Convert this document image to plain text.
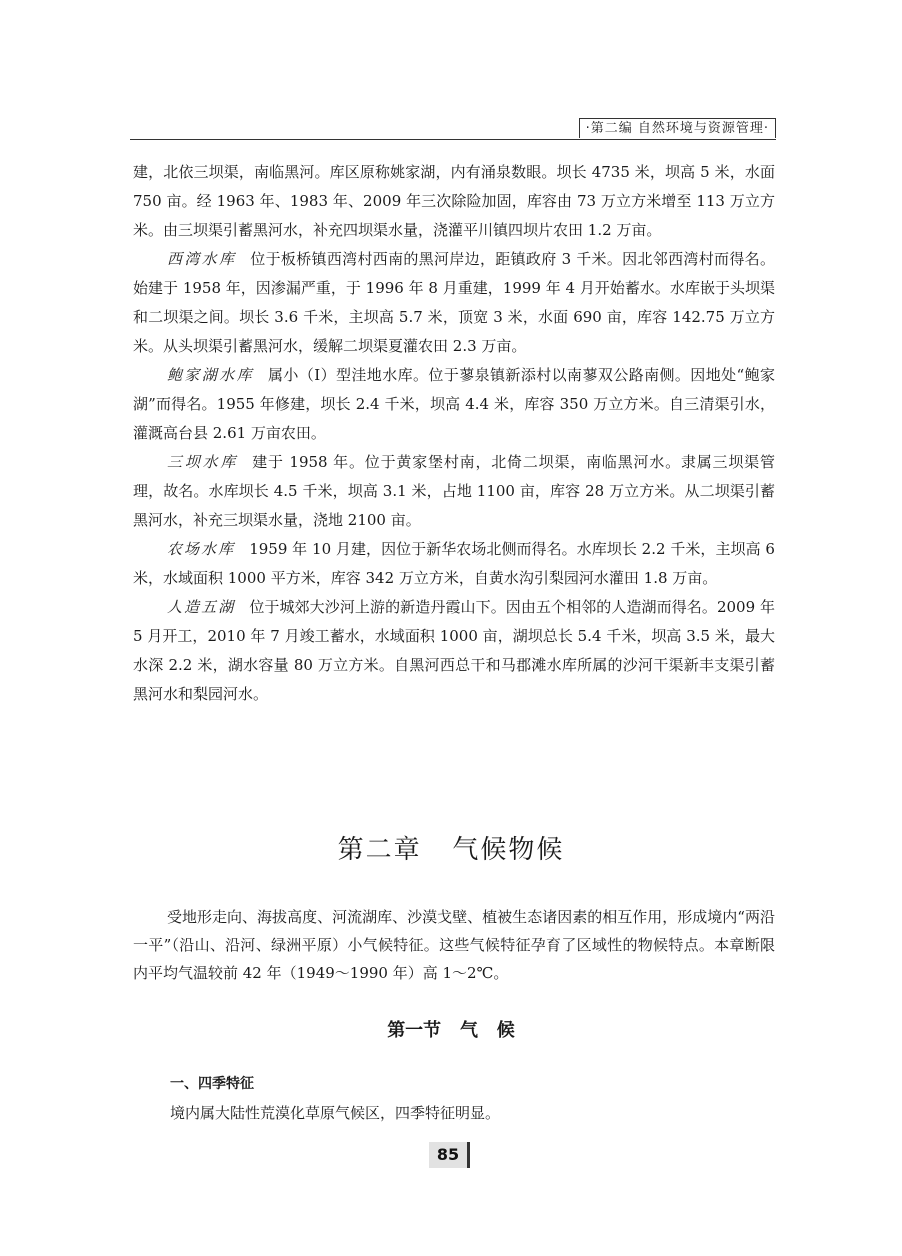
·第二编 自然环境与资源管理·

建，北依三坝渠，南临黑河。库区原称姚家湖，内有涌泉数眼。坝长 4735 米，坝高 5 米，水面 750 亩。经 1963 年、1983 年、2009 年三次除险加固，库容由 73 万立方米增至 113 万立方米。由三坝渠引蓄黑河水，补充四坝渠水量，浇灌平川镇四坝片农田 1.2 万亩。

西湾水库 位于板桥镇西湾村西南的黑河岸边，距镇政府 3 千米。因北邻西湾村而得名。始建于 1958 年，因渗漏严重，于 1996 年 8 月重建，1999 年 4 月开始蓄水。水库嵌于头坝渠和二坝渠之间。坝长 3.6 千米，主坝高 5.7 米，顶宽 3 米，水面 690 亩，库容 142.75 万立方米。从头坝渠引蓄黑河水，缓解二坝渠夏灌农田 2.3 万亩。

鲍家湖水库 属小（Ⅰ）型洼地水库。位于蓼泉镇新添村以南蓼双公路南侧。因地处“鲍家湖”而得名。1955 年修建，坝长 2.4 千米，坝高 4.4 米，库容 350 万立方米。自三清渠引水，灌溉高台县 2.61 万亩农田。

三坝水库 建于 1958 年。位于黄家堡村南，北倚二坝渠，南临黑河水。隶属三坝渠管理，故名。水库坝长 4.5 千米，坝高 3.1 米，占地 1100 亩，库容 28 万立方米。从二坝渠引蓄黑河水，补充三坝渠水量，浇地 2100 亩。

农场水库 1959 年 10 月建，因位于新华农场北侧而得名。水库坝长 2.2 千米，主坝高 6 米，水域面积 1000 平方米，库容 342 万立方米，自黄水沟引梨园河水灌田 1.8 万亩。

人造五湖 位于城郊大沙河上游的新造丹霞山下。因由五个相邻的人造湖而得名。2009 年 5 月开工，2010 年 7 月竣工蓄水，水域面积 1000 亩，湖坝总长 5.4 千米，坝高 3.5 米，最大水深 2.2 米，湖水容量 80 万立方米。自黑河西总干和马郡滩水库所属的沙河干渠新丰支渠引蓄黑河水和梨园河水。

第二章   气候物候

受地形走向、海拔高度、河流湖库、沙漠戈壁、植被生态诸因素的相互作用，形成境内“两沿一平”（沿山、沿河、绿洲平原）小气候特征。这些气候特征孕育了区域性的物候特点。本章断限内平均气温较前 42 年（1949～1990 年）高 1～2℃。

第一节   气   候
一、四季特征
境内属大陆性荒漠化草原气候区，四季特征明显。
85
